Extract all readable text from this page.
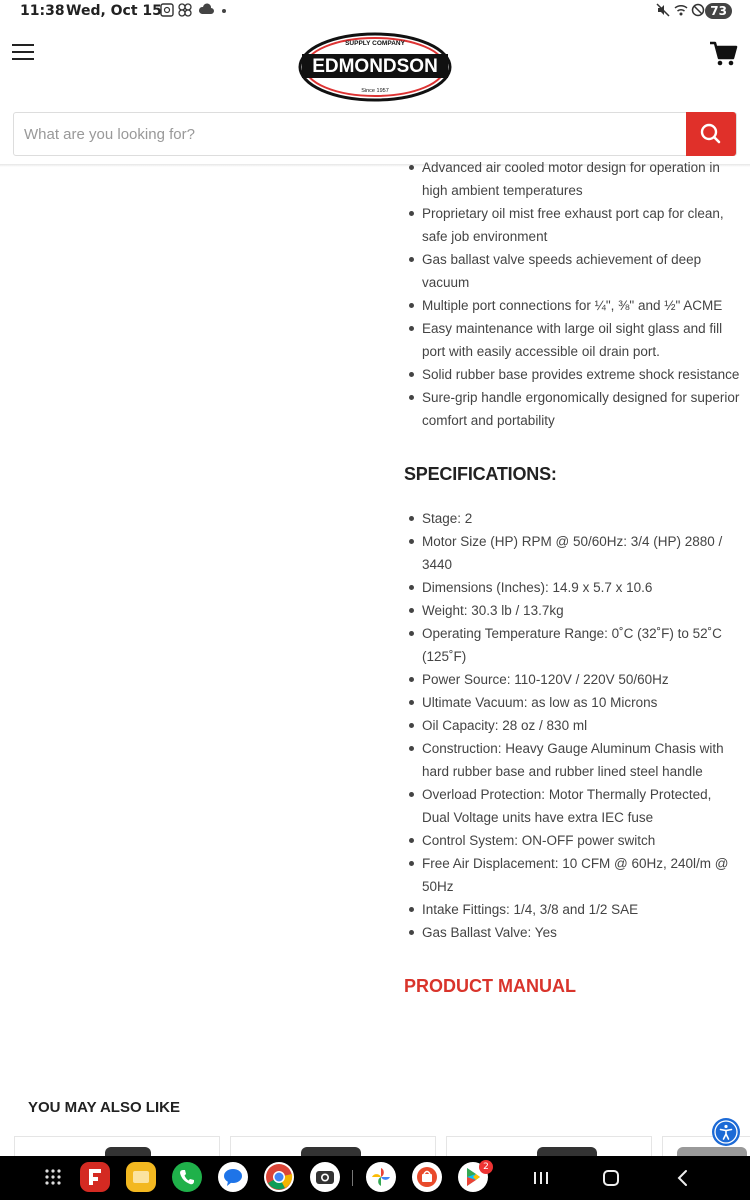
11:38 Wed, Oct 15	73
SUPPLY COMPANY
EDMONDSON
Since 1957
What are you looking for?
Advanced air cooled motor design for operation in high ambient temperatures
Proprietary oil mist free exhaust port cap for clean, safe job environment
Gas ballast valve speeds achievement of deep vacuum
Multiple port connections for ¼", ⅜" and ½" ACME
Easy maintenance with large oil sight glass and fill port with easily accessible oil drain port.
Solid rubber base provides extreme shock resistance
Sure-grip handle ergonomically designed for superior comfort and portability
SPECIFICATIONS:
Stage: 2
Motor Size (HP) RPM @ 50/60Hz: 3/4 (HP) 2880 / 3440
Dimensions (Inches): 14.9 x 5.7 x 10.6
Weight: 30.3 lb / 13.7kg
Operating Temperature Range: 0˚C (32˚F) to 52˚C (125˚F)
Power Source: 110-120V / 220V 50/60Hz
Ultimate Vacuum: as low as 10 Microns
Oil Capacity: 28 oz / 830 ml
Construction: Heavy Gauge Aluminum Chasis with hard rubber base and rubber lined steel handle
Overload Protection: Motor Thermally Protected, Dual Voltage units have extra IEC fuse
Control System: ON-OFF power switch
Free Air Displacement: 10 CFM @ 60Hz, 240l/m @ 50Hz
Intake Fittings: 1/4, 3/8 and 1/2 SAE
Gas Ballast Valve: Yes
PRODUCT MANUAL
YOU MAY ALSO LIKE
2
